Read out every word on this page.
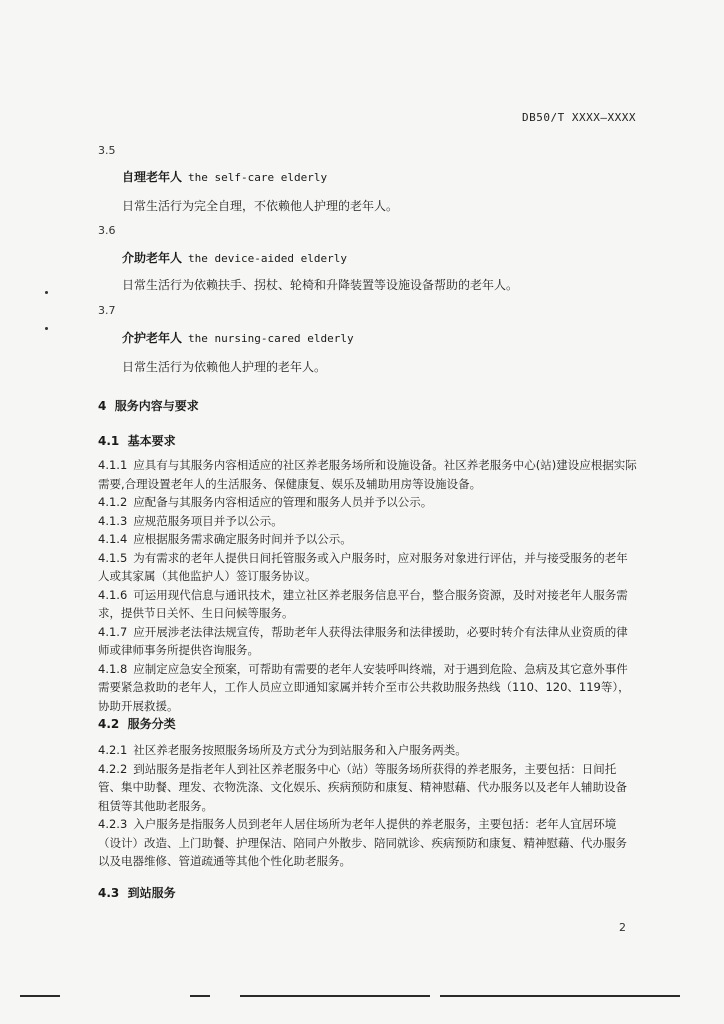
DB50/T XXXX—XXXX
3.5
自理老年人 the self-care elderly
日常生活行为完全自理，不依赖他人护理的老年人。
3.6
介助老年人 the device-aided elderly
日常生活行为依赖扶手、拐杖、轮椅和升降装置等设施设备帮助的老年人。
3.7
介护老年人 the nursing-cared elderly
日常生活行为依赖他人护理的老年人。
4 服务内容与要求
4.1 基本要求
4.1.1 应具有与其服务内容相适应的社区养老服务场所和设施设备。社区养老服务中心(站)建设应根据实际需要,合理设置老年人的生活服务、保健康复、娱乐及辅助用房等设施设备。
4.1.2 应配备与其服务内容相适应的管理和服务人员并予以公示。
4.1.3 应规范服务项目并予以公示。
4.1.4 应根据服务需求确定服务时间并予以公示。
4.1.5 为有需求的老年人提供日间托管服务或入户服务时，应对服务对象进行评估，并与接受服务的老年人或其家属（其他监护人）签订服务协议。
4.1.6 可运用现代信息与通讯技术，建立社区养老服务信息平台，整合服务资源，及时对接老年人服务需求，提供节日关怀、生日问候等服务。
4.1.7 应开展涉老法律法规宣传，帮助老年人获得法律服务和法律援助，必要时转介有法律从业资质的律师或律师事务所提供咨询服务。
4.1.8 应制定应急安全预案，可帮助有需要的老年人安装呼叫终端，对于遇到危险、急病及其它意外事件需要紧急救助的老年人，工作人员应立即通知家属并转介至市公共救助服务热线（110、120、119等），协助开展救援。
4.2 服务分类
4.2.1 社区养老服务按照服务场所及方式分为到站服务和入户服务两类。
4.2.2 到站服务是指老年人到社区养老服务中心（站）等服务场所获得的养老服务，主要包括：日间托管、集中助餐、理发、衣物洗涤、文化娱乐、疾病预防和康复、精神慰藉、代办服务以及老年人辅助设备租赁等其他助老服务。
4.2.3 入户服务是指服务人员到老年人居住场所为老年人提供的养老服务，主要包括：老年人宜居环境（设计）改造、上门助餐、护理保洁、陪同户外散步、陪同就诊、疾病预防和康复、精神慰藉、代办服务以及电器维修、管道疏通等其他个性化助老服务。
4.3 到站服务
2
